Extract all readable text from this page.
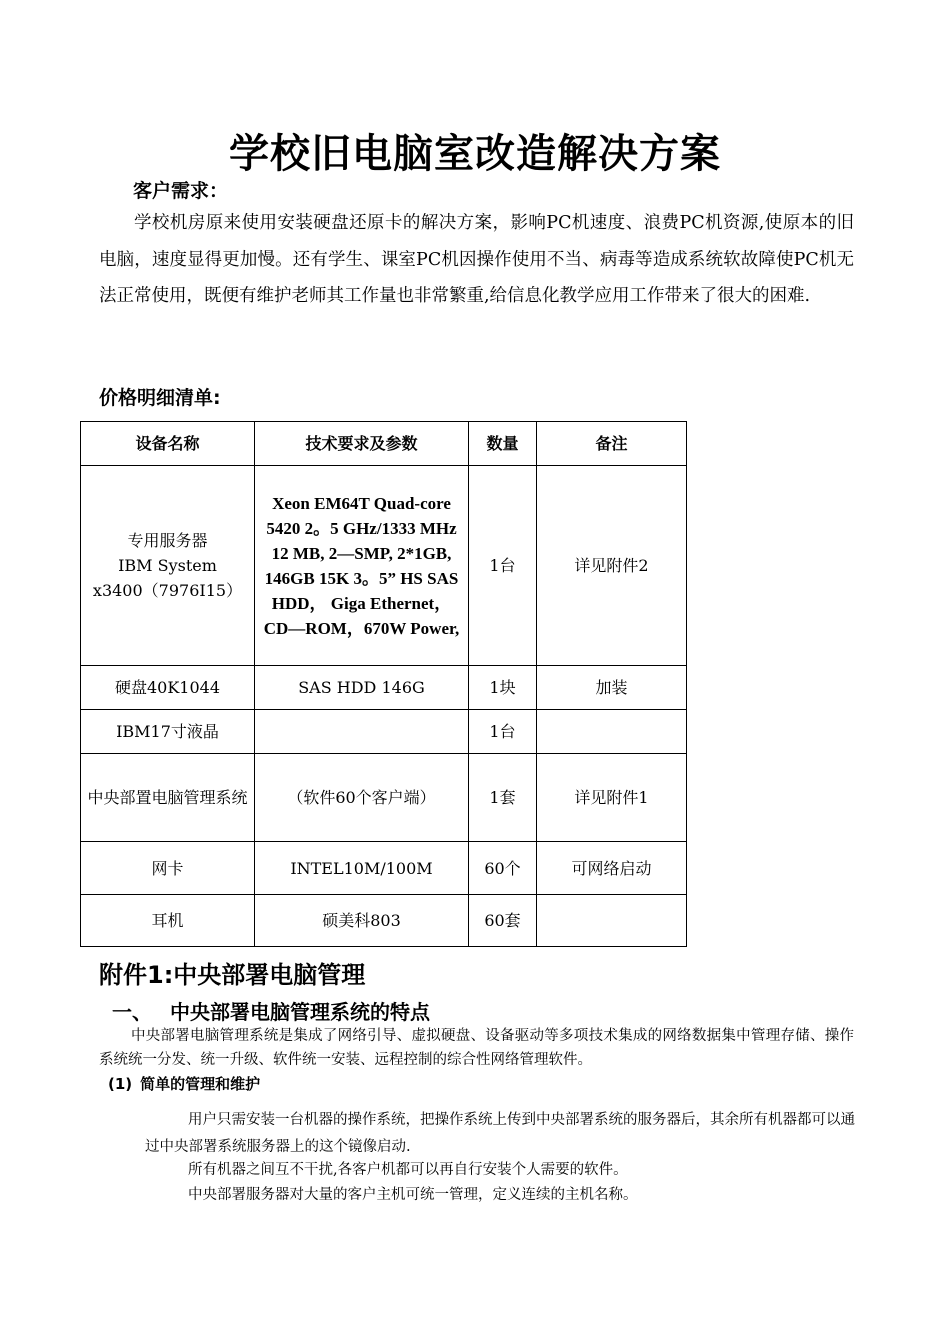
学校旧电脑室改造解决方案
客户需求：
学校机房原来使用安装硬盘还原卡的解决方案，影响PC机速度、浪费PC机资源,使原本的旧电脑，速度显得更加慢。还有学生、课室PC机因操作使用不当、病毒等造成系统软故障使PC机无法正常使用，既便有维护老师其工作量也非常繁重,给信息化教学应用工作带来了很大的困难.
价格明细清单:
设备名称	技术要求及参数	数量	备注

专用服务器
IBM System
x3400（7976I15）	Xeon EM64T Quad-core 5420 2。5 GHz/1333 MHz 12 MB, 2—SMP, 2*1GB, 146GB 15K 3。5” HS SAS HDD， Giga Ethernet， CD—ROM，670W Power,	1台	详见附件2
硬盘40K1044	SAS HDD 146G	1块	加装
IBM17寸液晶		1台	
中央部置电脑管理系统	（软件60个客户端）	1套	详见附件1
网卡	INTEL10M/100M	60个	可网络启动
耳机	硕美科803	60套	
附件1:中央部署电脑管理
一、 中央部署电脑管理系统的特点
中央部署电脑管理系统是集成了网络引导、虚拟硬盘、设备驱动等多项技术集成的网络数据集中管理存储、操作系统统一分发、统一升级、软件统一安装、远程控制的综合性网络管理软件。
(1) 简单的管理和维护
用户只需安装一台机器的操作系统，把操作系统上传到中央部署系统的服务器后，其余所有机器都可以通过中央部署系统服务器上的这个镜像启动.
所有机器之间互不干扰,各客户机都可以再自行安装个人需要的软件。
中央部署服务器对大量的客户主机可统一管理，定义连续的主机名称。
